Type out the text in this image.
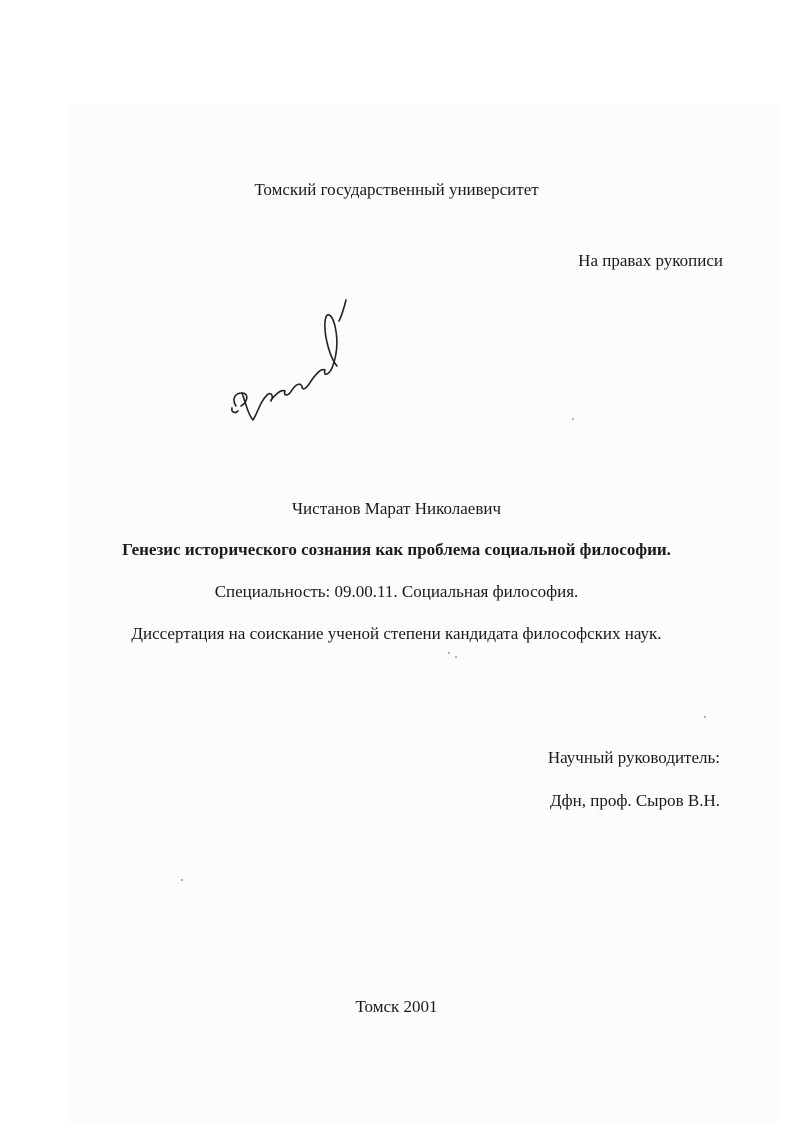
Томский государственный университет
На правах рукописи
Чистанов Марат Николаевич
Генезис исторического сознания как проблема социальной философии.
Специальность: 09.00.11. Социальная философия.
Диссертация на соискание ученой степени кандидата философских наук.
Научный руководитель:
Дфн, проф. Сыров В.Н.
Томск 2001
